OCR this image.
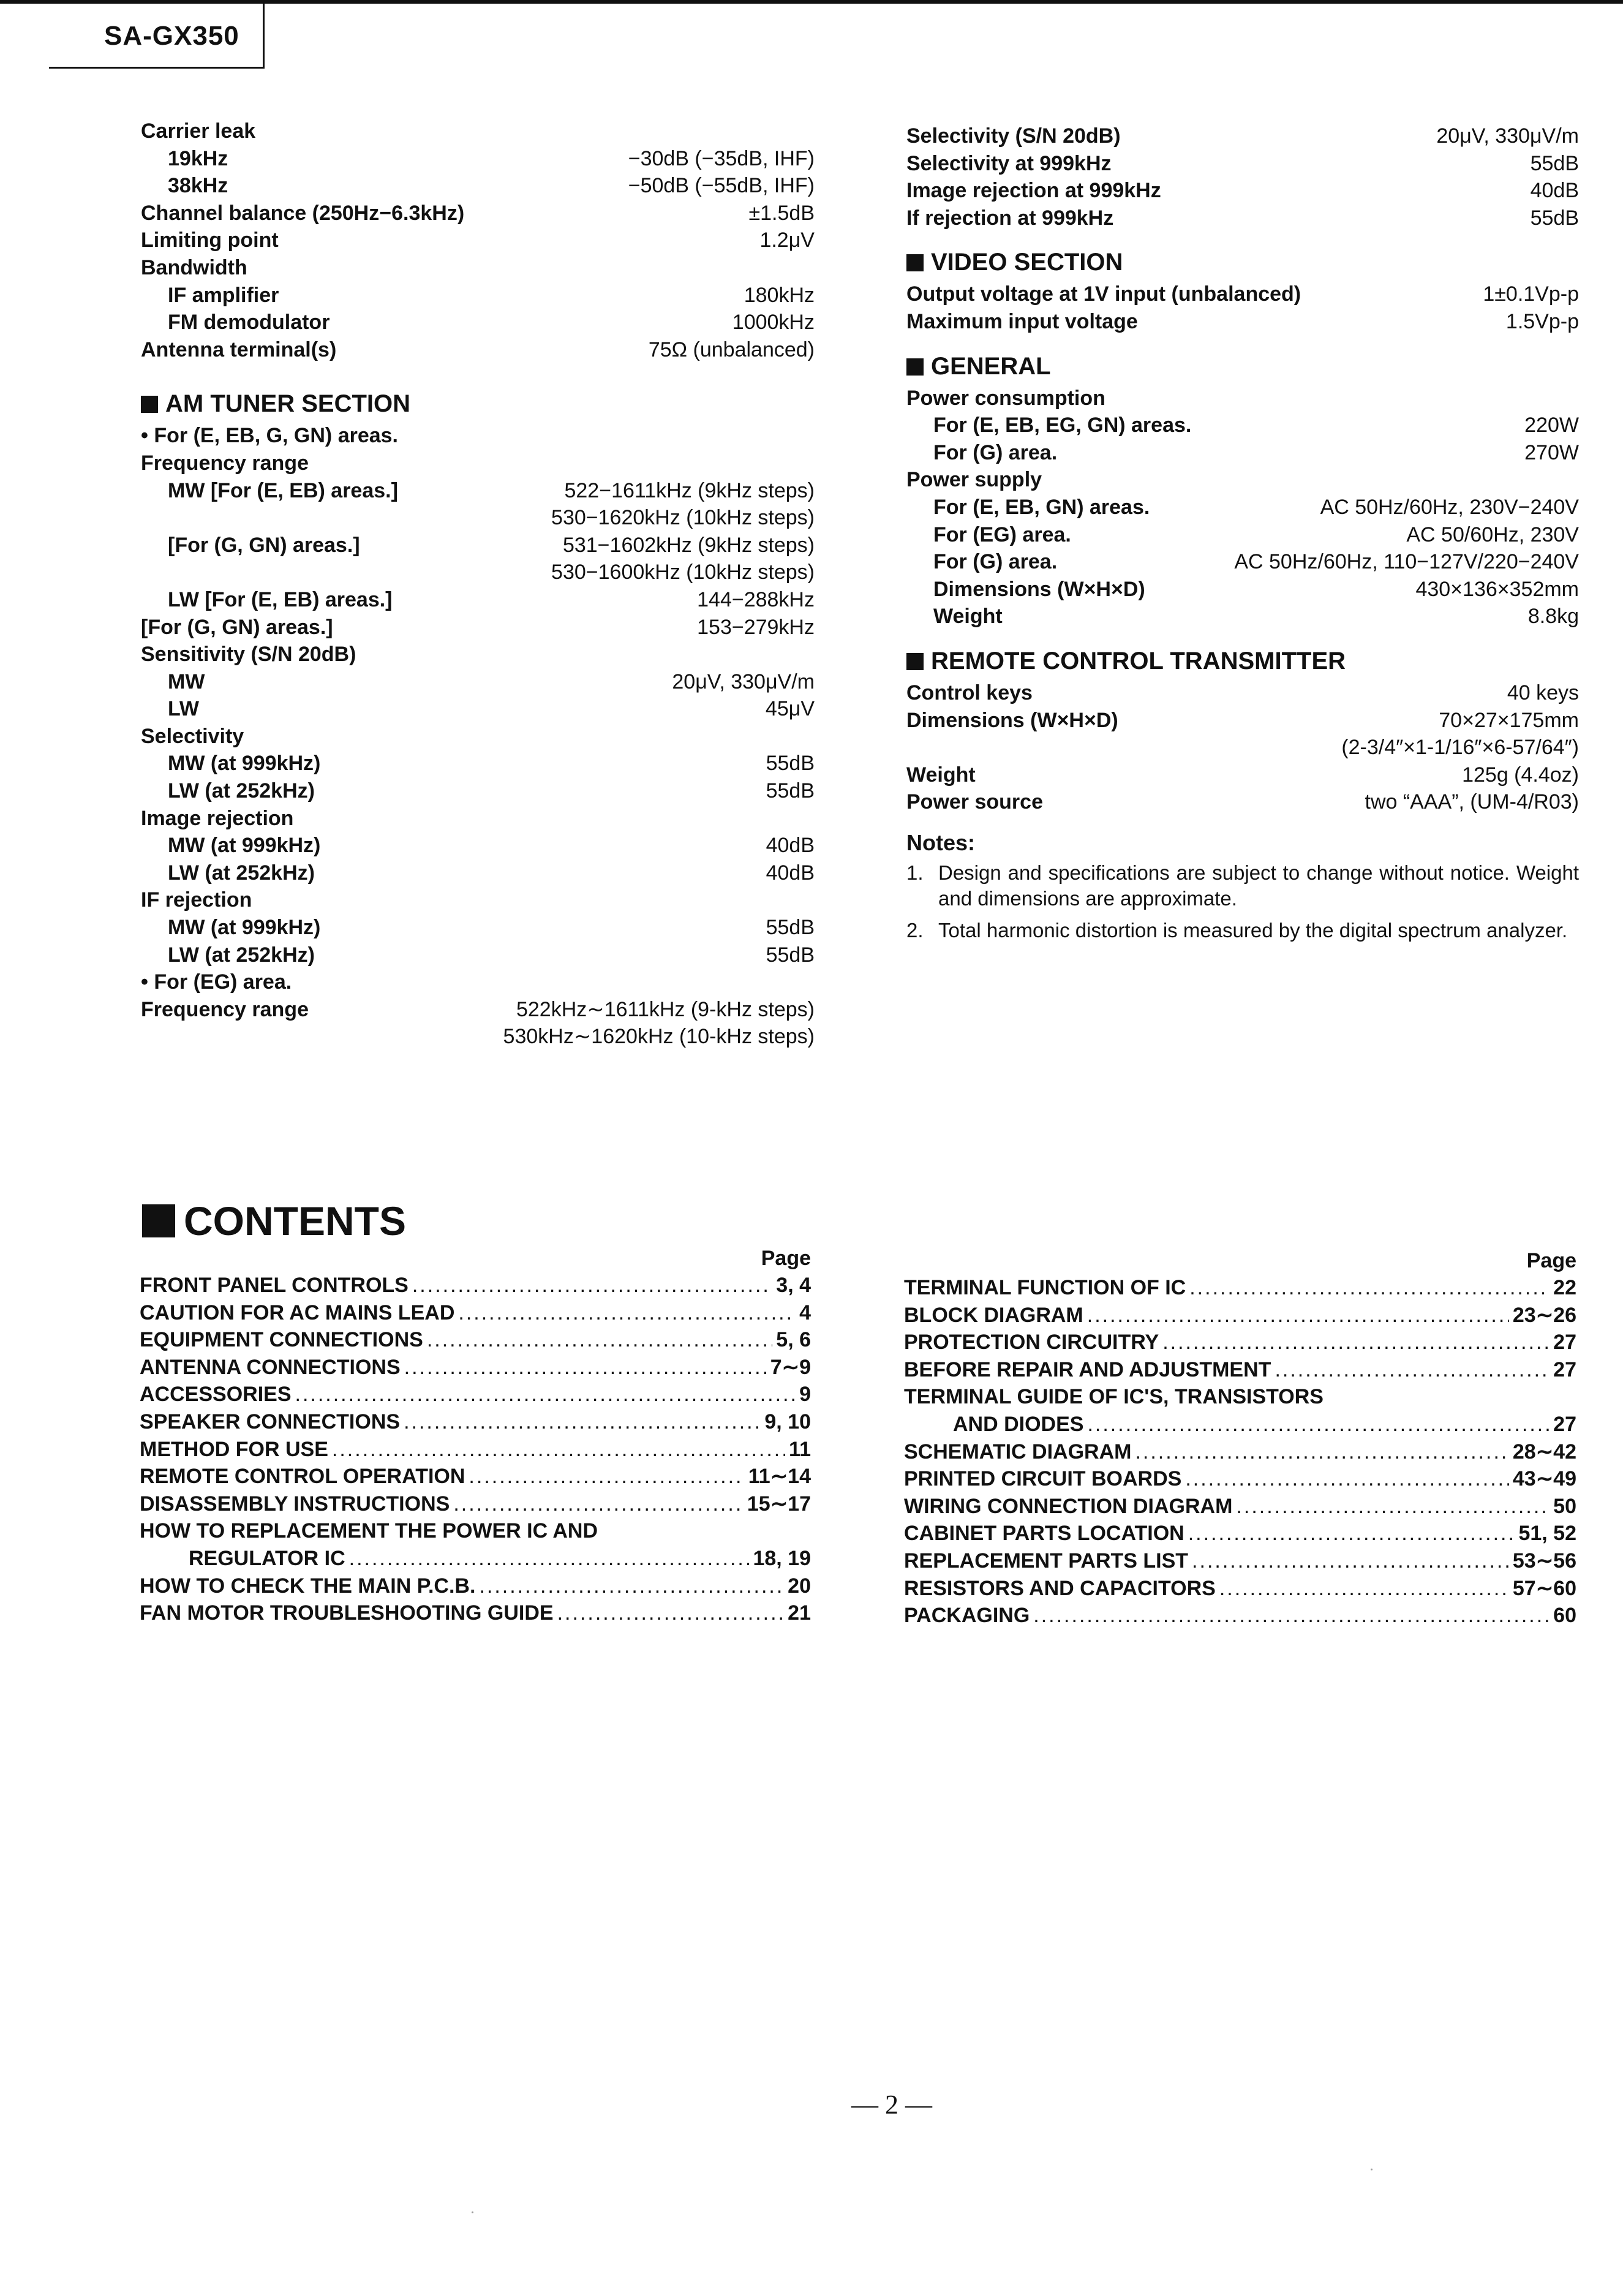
SA-GX350
Carrier leak
19kHz	−30dB (−35dB, IHF)
38kHz	−50dB (−55dB, IHF)
Channel balance (250Hz−6.3kHz)	±1.5dB
Limiting point	1.2μV
Bandwidth
IF amplifier	180kHz
FM demodulator	1000kHz
Antenna terminal(s)	75Ω (unbalanced)
AM TUNER SECTION
• For (E, EB, G, GN) areas.
Frequency range
MW [For (E, EB) areas.]	522−1611kHz (9kHz steps)
530−1620kHz (10kHz steps)
[For (G, GN) areas.]	531−1602kHz (9kHz steps)
530−1600kHz (10kHz steps)
LW [For (E, EB) areas.]	144−288kHz
[For (G, GN) areas.]	153−279kHz
Sensitivity (S/N 20dB)
MW	20μV, 330μV/m
LW	45μV
Selectivity
MW (at 999kHz)	55dB
LW (at 252kHz)	55dB
Image rejection
MW (at 999kHz)	40dB
LW (at 252kHz)	40dB
IF rejection
MW (at 999kHz)	55dB
LW (at 252kHz)	55dB
• For (EG) area.
Frequency range	522kHz∼1611kHz (9-kHz steps)
530kHz∼1620kHz (10-kHz steps)
Selectivity (S/N 20dB)	20μV, 330μV/m
Selectivity at 999kHz	55dB
Image rejection at 999kHz	40dB
If rejection at 999kHz	55dB
VIDEO SECTION
Output voltage at 1V input (unbalanced)	1±0.1Vp-p
Maximum input voltage	1.5Vp-p
GENERAL
Power consumption
For (E, EB, EG, GN) areas.	220W
For (G) area.	270W
Power supply
For (E, EB, GN) areas.	AC 50Hz/60Hz, 230V−240V
For (EG) area.	AC 50/60Hz, 230V
For (G) area.	AC 50Hz/60Hz, 110−127V/220−240V
Dimensions (W×H×D)	430×136×352mm
Weight	8.8kg
REMOTE CONTROL TRANSMITTER
Control keys	40 keys
Dimensions (W×H×D)	70×27×175mm
(2-3/4″×1-1/16″×6-57/64″)
Weight	125g (4.4oz)
Power source	two “AAA”, (UM-4/R03)
Notes:
1. Design and specifications are subject to change without notice. Weight and dimensions are approximate.
2. Total harmonic distortion is measured by the digital spectrum analyzer.
CONTENTS
Page
FRONT PANEL CONTROLS .....	3, 4
CAUTION FOR AC MAINS LEAD .....	4
EQUIPMENT CONNECTIONS .....	5, 6
ANTENNA CONNECTIONS .....	7∼9
ACCESSORIES .....	9
SPEAKER CONNECTIONS .....	9, 10
METHOD FOR USE .....	11
REMOTE CONTROL OPERATION .....	11∼14
DISASSEMBLY INSTRUCTIONS .....	15∼17
HOW TO REPLACEMENT THE POWER IC AND
REGULATOR IC .....	18, 19
HOW TO CHECK THE MAIN P.C.B. .....	20
FAN MOTOR TROUBLESHOOTING GUIDE .....	21
Page
TERMINAL FUNCTION OF IC .....	22
BLOCK DIAGRAM .....	23∼26
PROTECTION CIRCUITRY .....	27
BEFORE REPAIR AND ADJUSTMENT .....	27
TERMINAL GUIDE OF IC'S, TRANSISTORS
AND DIODES .....	27
SCHEMATIC DIAGRAM .....	28∼42
PRINTED CIRCUIT BOARDS .....	43∼49
WIRING CONNECTION DIAGRAM .....	50
CABINET PARTS LOCATION .....	51, 52
REPLACEMENT PARTS LIST .....	53∼56
RESISTORS AND CAPACITORS .....	57∼60
PACKAGING .....	60
— 2 —
